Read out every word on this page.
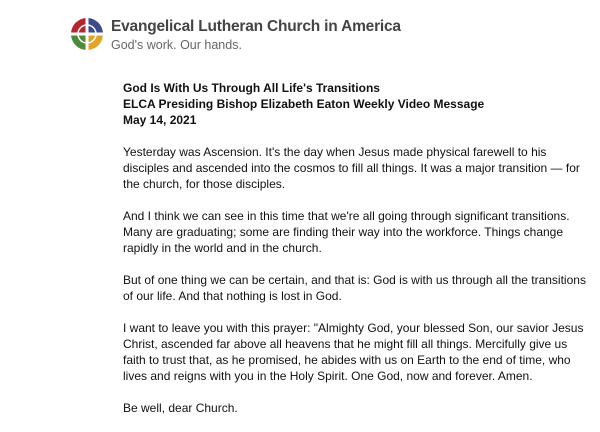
Evangelical Lutheran Church in America
God's work. Our hands.
God Is With Us Through All Life's Transitions
ELCA Presiding Bishop Elizabeth Eaton Weekly Video Message
May 14, 2021

Yesterday was Ascension. It's the day when Jesus made physical farewell to his disciples and ascended into the cosmos to fill all things. It was a major transition — for the church, for those disciples.

And I think we can see in this time that we're all going through significant transitions. Many are graduating; some are finding their way into the workforce. Things change rapidly in the world and in the church.

But of one thing we can be certain, and that is: God is with us through all the transitions of our life. And that nothing is lost in God.

I want to leave you with this prayer: "Almighty God, your blessed Son, our savior Jesus Christ, ascended far above all heavens that he might fill all things. Mercifully give us faith to trust that, as he promised, he abides with us on Earth to the end of time, who lives and reigns with you in the Holy Spirit. One God, now and forever. Amen.

Be well, dear Church.
